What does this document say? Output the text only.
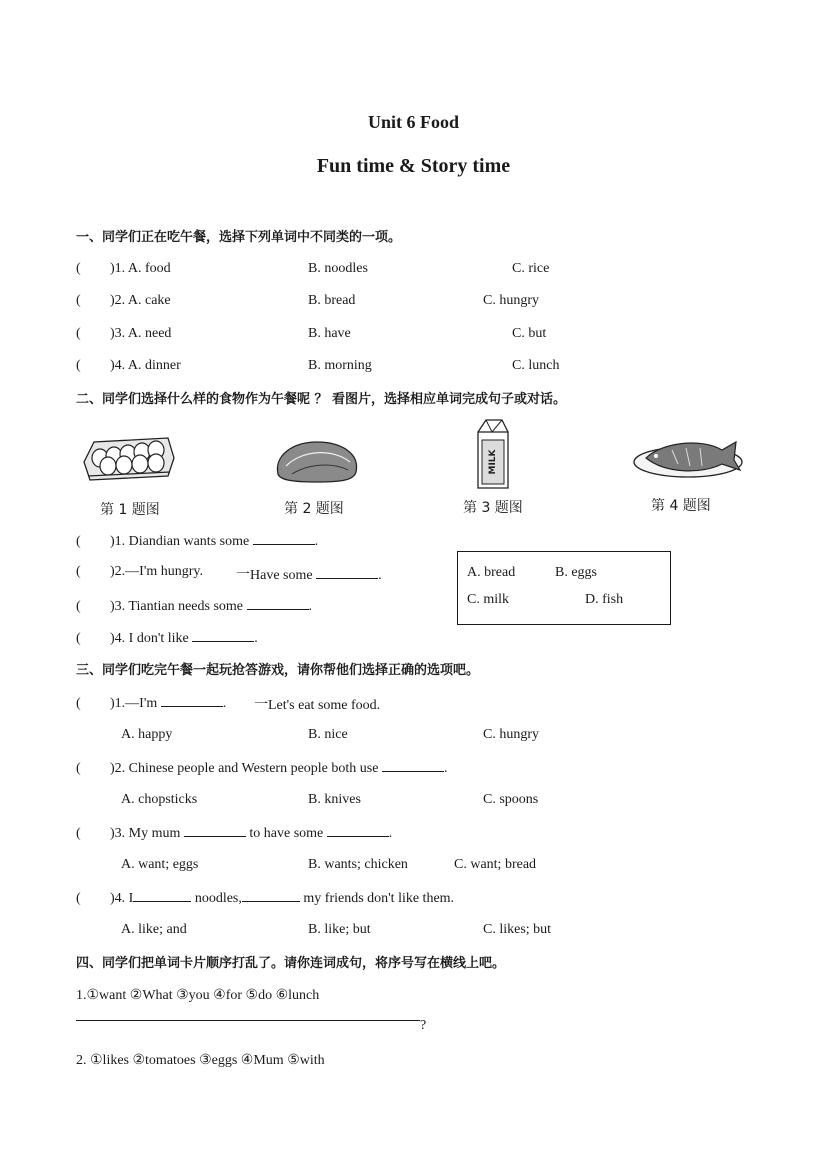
Unit 6 Food
Fun time & Story time
一、同学们正在吃午餐，选择下列单词中不同类的一项。
( )1. A. food	B. noodles	C. rice
( )2. A. cake	B. bread	C. hungry
( )3. A. need	B. have	C. but
( )4. A. dinner	B. morning	C. lunch
二、同学们选择什么样的食物作为午餐呢 ？ 看图片，选择相应单词完成句子或对话。
MILK
第 1 题图	第 2 题图	第 3 题图	第 4 题图
( )1. Diandian wants some	.
( )2.—I'm hungry. 一Have some	.
( )3. Tiantian needs some	.
( )4. I don't like	.
A. bread	B. eggs
C. milk	D. fish
三、同学们吃完午餐一起玩抢答游戏，请你帮他们选择正确的选项吧。
( )1.—I'm	. 一Let's eat some food.
A. happy	B. nice	C. hungry
( )2. Chinese people and Western people both use	.
A. chopsticks	B. knives	C. spoons
( )3. My mum	to have some	.
A. want; eggs	B. wants; chicken	C. want; bread
( )4. I	noodles,	my friends don't like them.
A. like; and	B. like; but	C. likes; but
四、同学们把单词卡片顺序打乱了。请你连词成句，将序号写在横线上吧。
1.①want ②What ③you ④for ⑤do ⑥lunch
?
2. ①likes ②tomatoes ③eggs ④Mum ⑤with
